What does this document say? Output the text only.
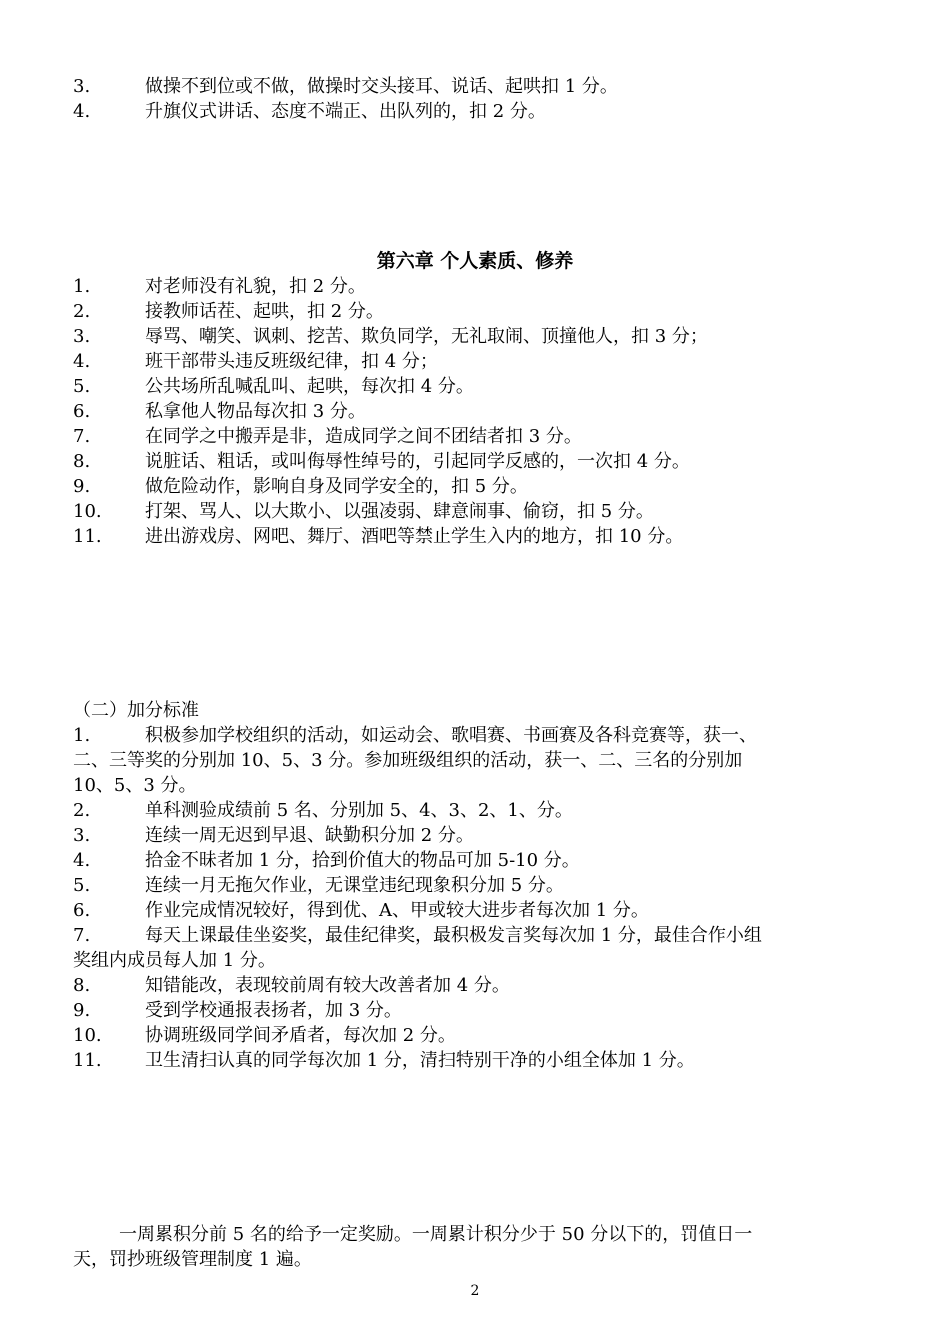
3.	做操不到位或不做，做操时交头接耳、说话、起哄扣 1 分。
4.	升旗仪式讲话、态度不端正、出队列的，扣 2 分。
第六章 个人素质、修养
1.	对老师没有礼貌，扣 2 分。
2.	接教师话茬、起哄，扣 2 分。
3.	辱骂、嘲笑、讽刺、挖苦、欺负同学，无礼取闹、顶撞他人，扣 3 分；
4.	班干部带头违反班级纪律，扣 4 分；
5.	公共场所乱喊乱叫、起哄，每次扣 4 分。
6.	私拿他人物品每次扣 3 分。
7.	在同学之中搬弄是非，造成同学之间不团结者扣 3 分。
8.	说脏话、粗话，或叫侮辱性绰号的，引起同学反感的，一次扣 4 分。
9.	做危险动作，影响自身及同学安全的，扣 5 分。
10. 打架、骂人、以大欺小、以强凌弱、肆意闹事、偷窃，扣 5 分。
11. 进出游戏房、网吧、舞厅、酒吧等禁止学生入内的地方，扣 10 分。
（二）加分标准
1.	积极参加学校组织的活动，如运动会、歌唱赛、书画赛及各科竞赛等，获一、
二、三等奖的分别加 10、5、3 分。参加班级组织的活动，获一、二、三名的分别加
10、5、3 分。
2.	单科测验成绩前 5 名、分别加 5、4、3、2、1、分。
3.	连续一周无迟到早退、缺勤积分加 2 分。
4.	拾金不昧者加 1 分，拾到价值大的物品可加 5-10 分。
5.	连续一月无拖欠作业，无课堂违纪现象积分加 5 分。
6.	作业完成情况较好，得到优、A、甲或较大进步者每次加 1 分。
7.	每天上课最佳坐姿奖，最佳纪律奖，最积极发言奖每次加 1 分，最佳合作小组
奖组内成员每人加 1 分。
8.	知错能改，表现较前周有较大改善者加 4 分。
9.	受到学校通报表扬者，加 3 分。
10. 协调班级同学间矛盾者，每次加 2 分。
11. 卫生清扫认真的同学每次加 1 分，清扫特别干净的小组全体加 1 分。
一周累积分前 5 名的给予一定奖励。一周累计积分少于 50 分以下的，罚值日一
天，罚抄班级管理制度 1 遍。
2
